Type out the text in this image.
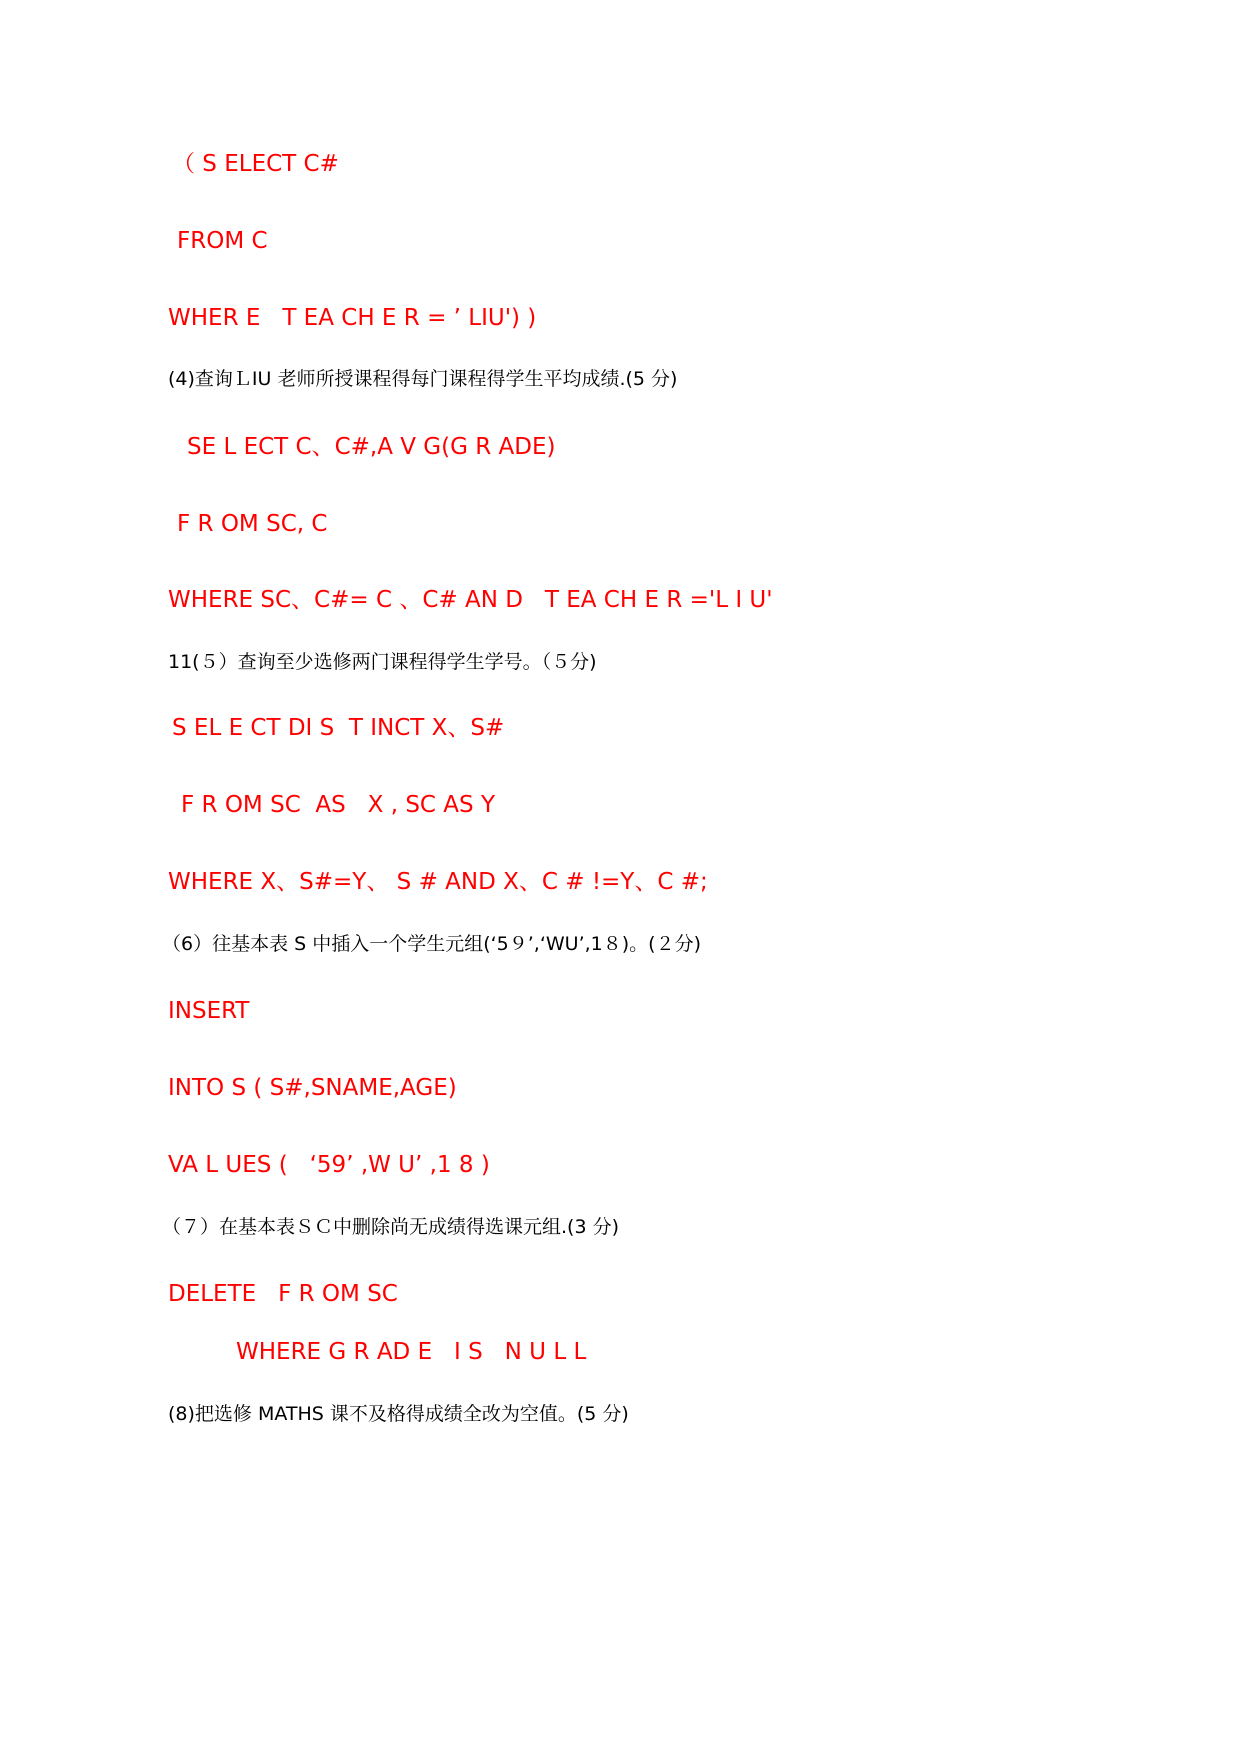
（ S ELECT C#
FROM C
WHER E   T EA CH E R = ’ LIU') )
(4)查询ＬIU 老师所授课程得每门课程得学生平均成绩.(5 分)
SE L ECT C、C#,A V G(G R ADE)
F R OM SC, C
WHERE SC、C#= C 、C# AN D   T EA CH E R ='L I U'
11(５）查询至少选修两门课程得学生学号。（５分)
S EL E CT DI S  T INCT X、S#
F R OM SC  AS   X , SC AS Y
WHERE X、S#=Y、 S # AND X、C # !=Y、C #;
（6）往基本表 S 中插入一个学生元组(‘5９’,‘WU’,1８)。(２分)
INSERT
INTO S ( S#,SNAME,AGE)
VA L UES (   ‘59’ ,W U’ ,1 8 )
（７）在基本表ＳＣ中删除尚无成绩得选课元组.(3 分)
DELETE   F R OM SC
WHERE G R AD E   I S   N U L L
(8)把选修 MATHS 课不及格得成绩全改为空值。(5 分)
